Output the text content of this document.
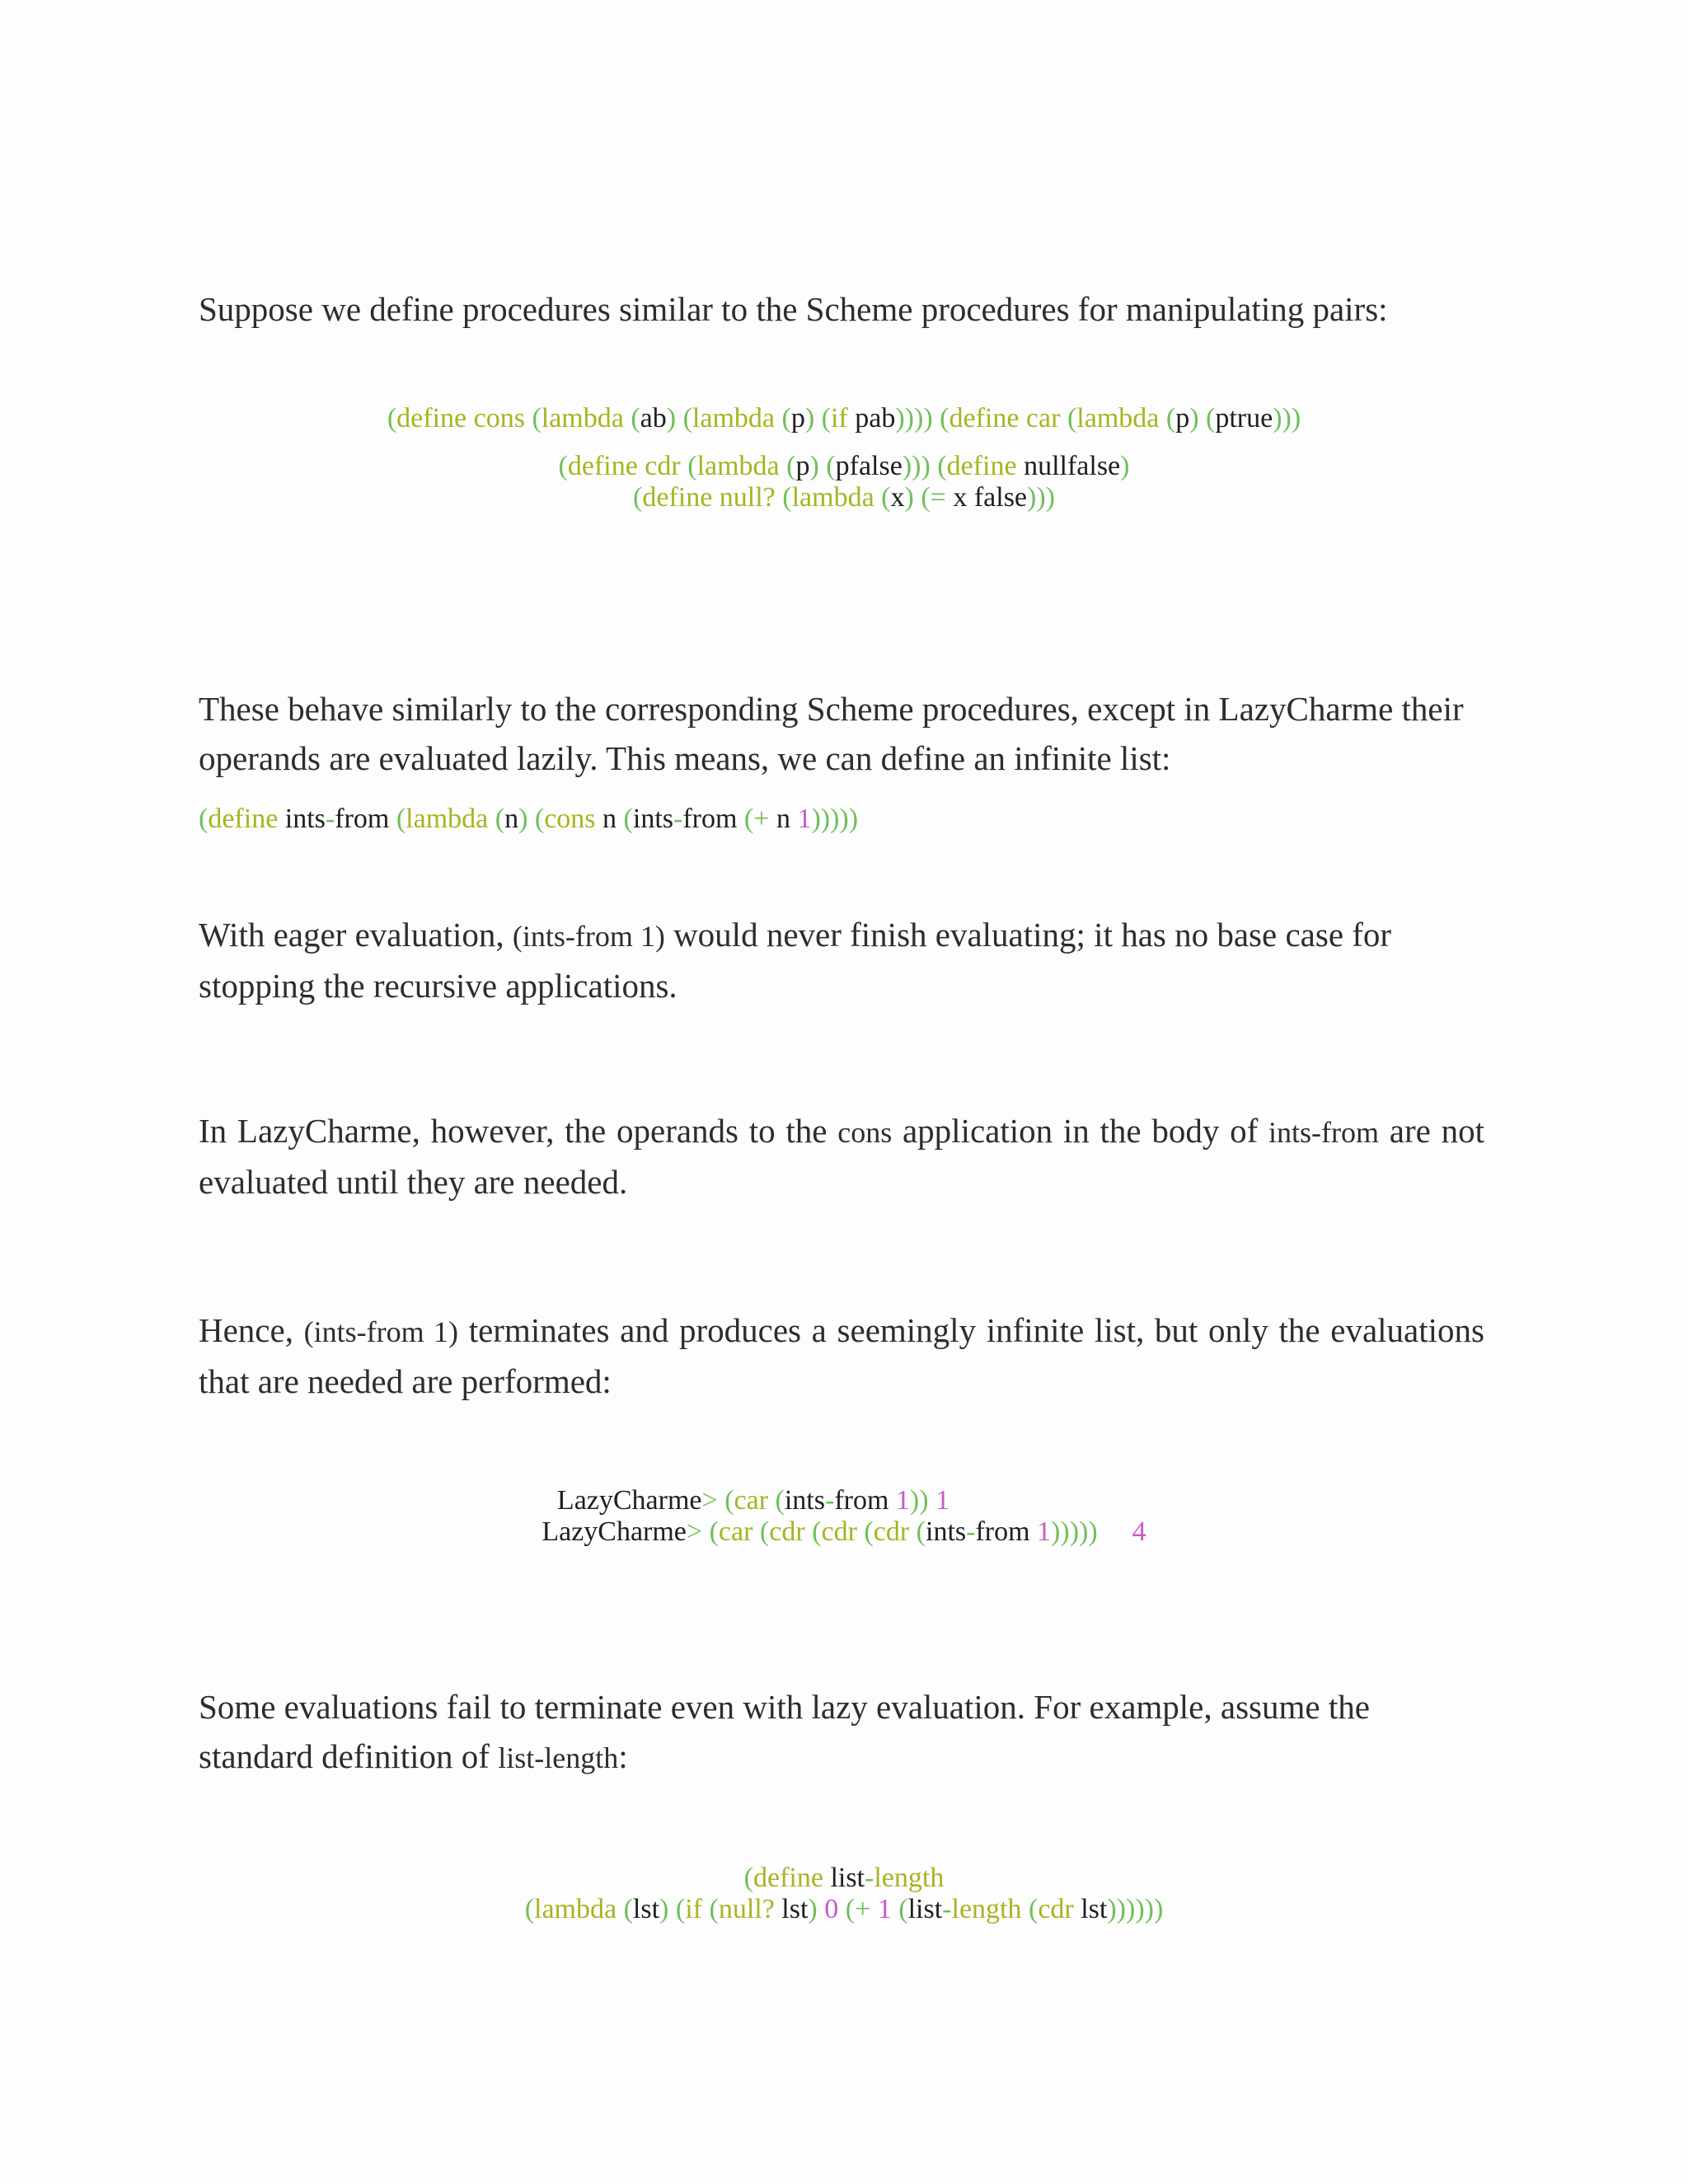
Suppose we define procedures similar to the Scheme procedures for manipulating pairs:

(define cons (lambda (ab) (lambda (p) (if pab)))) (define car (lambda (p) (ptrue)))
(define cdr (lambda (p) (pfalse))) (define nullfalse)
(define null? (lambda (x) (= x false)))

These behave similarly to the corresponding Scheme procedures, except in LazyCharme their operands are evaluated lazily. This means, we can define an infinite list:

(define ints-from (lambda (n) (cons n (ints-from (+ n 1)))))

With eager evaluation, (ints-from 1) would never finish evaluating; it has no base case for stopping the recursive applications.

In LazyCharme, however, the operands to the cons application in the body of ints-from are not evaluated until they are needed.

Hence, (ints-from 1) terminates and produces a seemingly infinite list, but only the evaluations that are needed are performed:

LazyCharme> (car (ints-from 1)) 1
LazyCharme> (car (cdr (cdr (cdr (ints-from 1))))) 4

Some evaluations fail to terminate even with lazy evaluation. For example, assume the standard definition of list-length:

(define list-length
(lambda (lst) (if (null? lst) 0 (+ 1 (list-length (cdr lst))))))
